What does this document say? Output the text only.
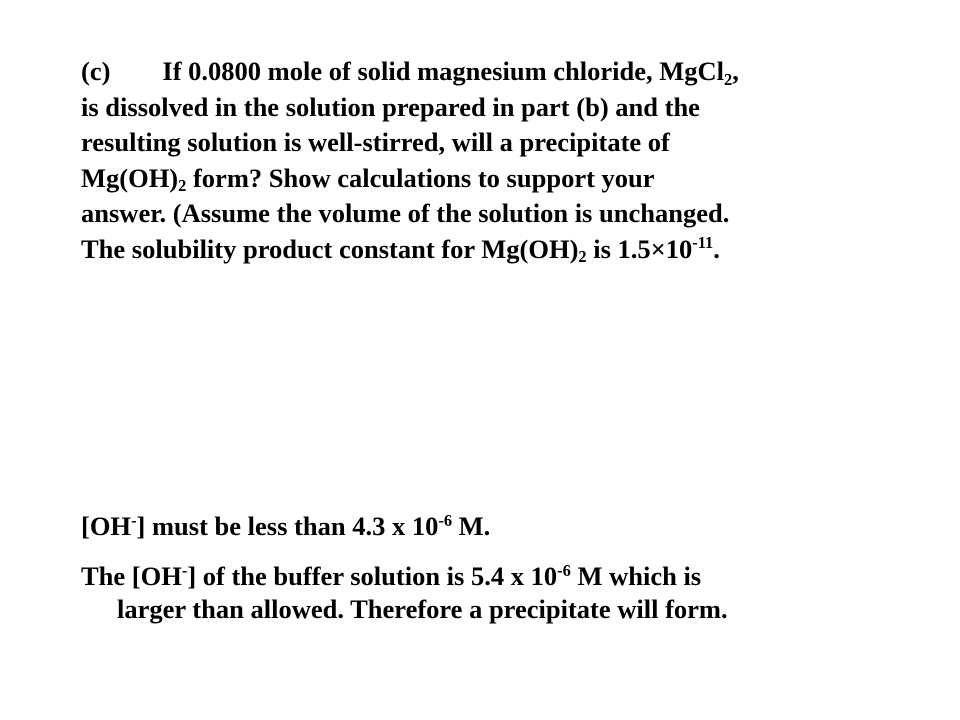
(c) If 0.0800 mole of solid magnesium chloride, MgCl$_2$,
is dissolved in the solution prepared in part (b) and the
resulting solution is well-stirred, will a precipitate of
$Mg(OH)_2$ form? Show calculations to support your
answer. (Assume the volume of the solution is unchanged.
The solubility product constant for $Mg(OH)_2$ is $1.5\times 10^{-11}$.
[OH-] must be less than 4.3 x $10^{-6}$ M.
The [OH-] of the buffer solution is 5.4 x $10^{-6}$ M which is
larger than allowed. Therefore a precipitate will form.
